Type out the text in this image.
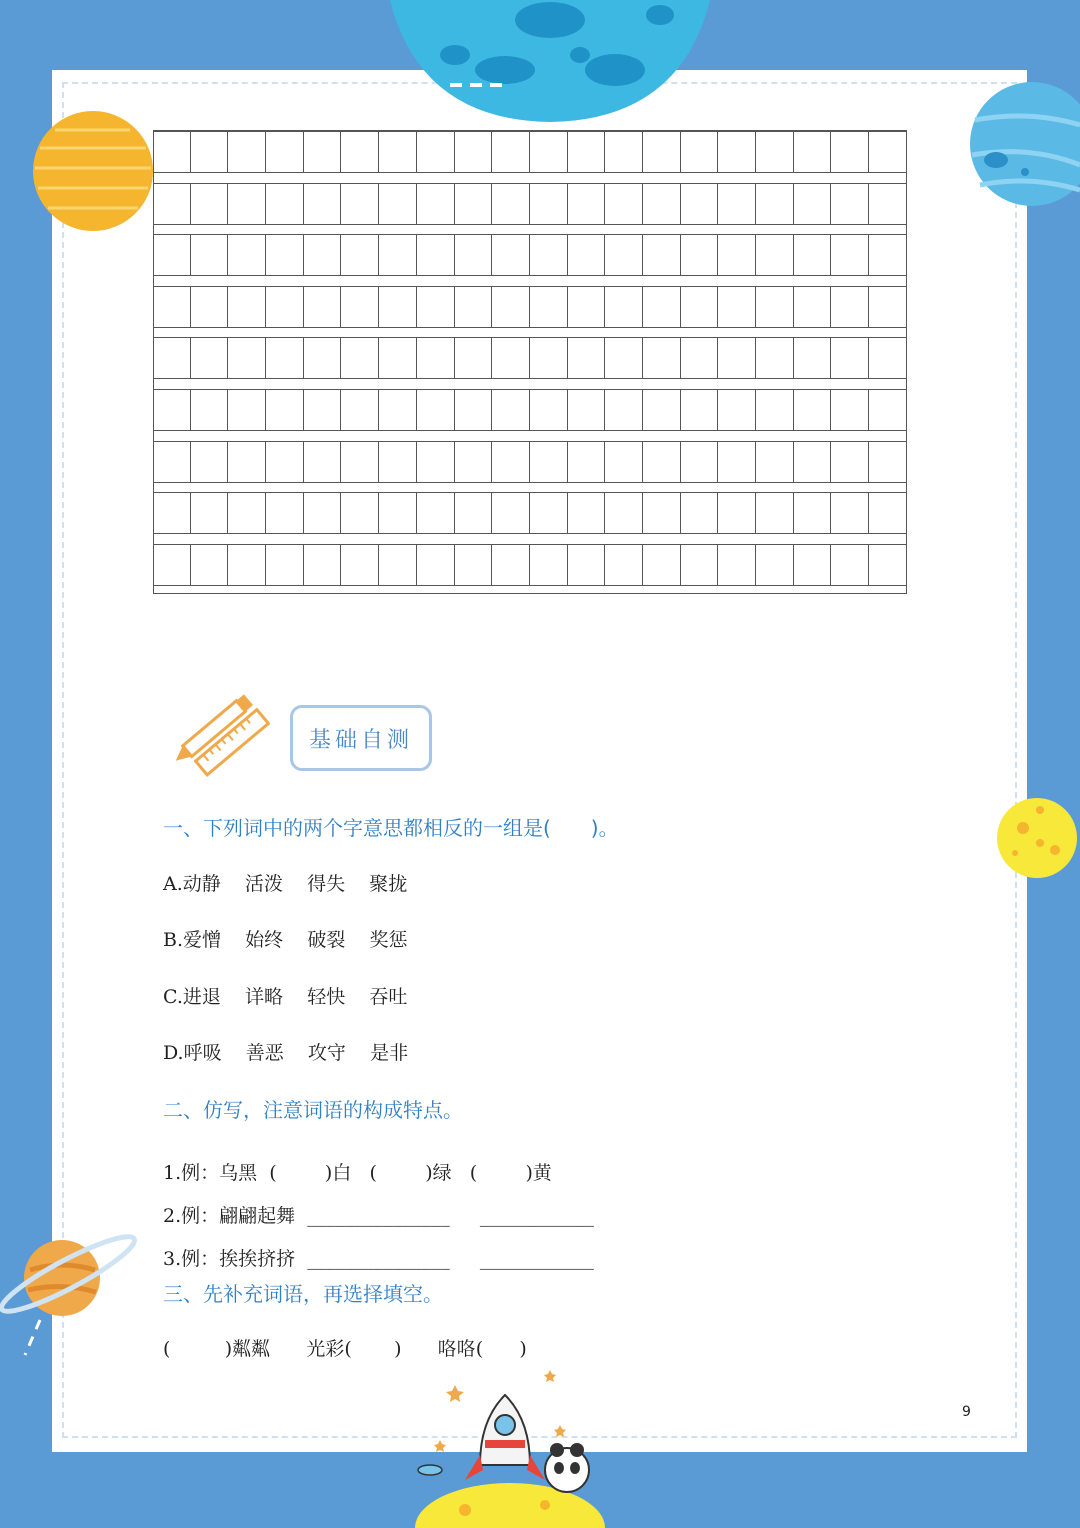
基础自测
一、下列词中的两个字意思都相反的一组是(　　)。
A.动静    活泼    得失    聚拢
B.爱憎    始终    破裂    奖惩
C.进退    详略    轻快    吞吐
D.呼吸    善恶    攻守    是非
二、仿写，注意词语的构成特点。
1.例：乌黑  (        )白   (        )绿   (        )黄
2.例：翩翩起舞  _______________     ____________
3.例：挨挨挤挤  _______________     ____________
三、先补充词语，再选择填空。
(         )粼粼      光彩(       )      咯咯(      )
9
